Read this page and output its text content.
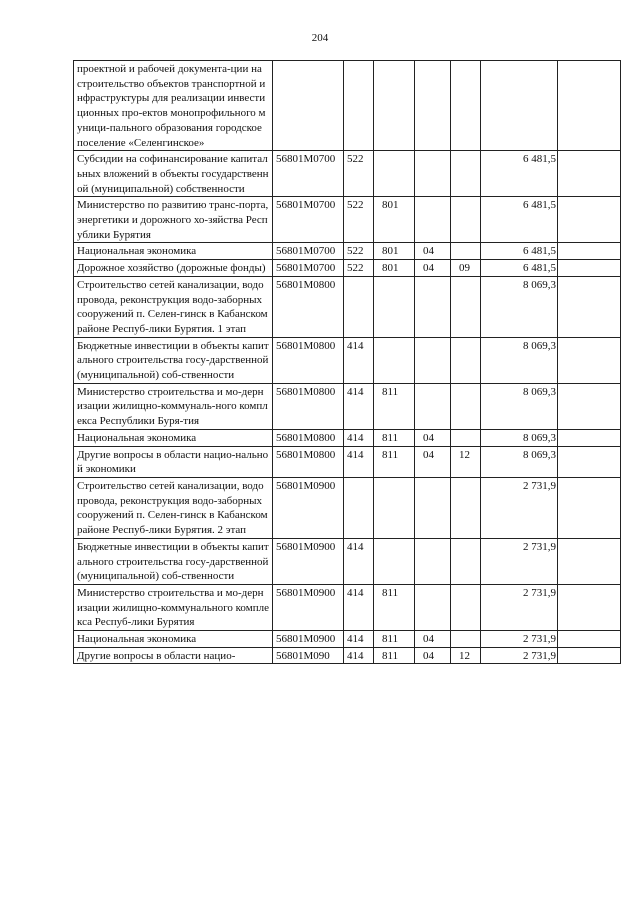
204
проектной и рабочей документа-ции на строительство объектов транспортной инфраструктуры для реализации инвестиционных про-ектов монопрофильного муници-пального образования городское поселение «Селенгинское»							
Субсидии на софинансирование капитальных вложений в объекты государственной (муниципальной) собственности	56801М0700	522				6 481,5	
Министерство по развитию транс-порта, энергетики и дорожного хо-зяйства Республики Бурятия	56801М0700	522	801			6 481,5	
Национальная экономика	56801М0700	522	801	04		6 481,5	
Дорожное хозяйство (дорожные фонды)	56801М0700	522	801	04	09	6 481,5	
Строительство сетей канализации, водопровода, реконструкция водо-заборных сооружений п. Селен-гинск в Кабанском районе Респуб-лики Бурятия. 1 этап	56801М0800					8 069,3	
Бюджетные инвестиции в объекты капитального строительства госу-дарственной (муниципальной) соб-ственности	56801М0800	414				8 069,3	
Министерство строительства и мо-дернизации жилищно-коммуналь-ного комплекса Республики Буря-тия	56801М0800	414	811			8 069,3	
Национальная экономика	56801М0800	414	811	04		8 069,3	
Другие вопросы в области нацио-нальной экономики	56801М0800	414	811	04	12	8 069,3	
Строительство сетей канализации, водопровода, реконструкция водо-заборных сооружений п. Селен-гинск в Кабанском районе Респуб-лики Бурятия. 2 этап	56801М0900					2 731,9	
Бюджетные инвестиции в объекты капитального строительства госу-дарственной (муниципальной) соб-ственности	56801М0900	414				2 731,9	
Министерство строительства и мо-дернизации жилищно-коммунального комплекса Респуб-лики Бурятия	56801М0900	414	811			2 731,9	
Национальная экономика	56801М0900	414	811	04		2 731,9	
Другие вопросы в области нацио-	56801М090	414	811	04	12	2 731,9	
